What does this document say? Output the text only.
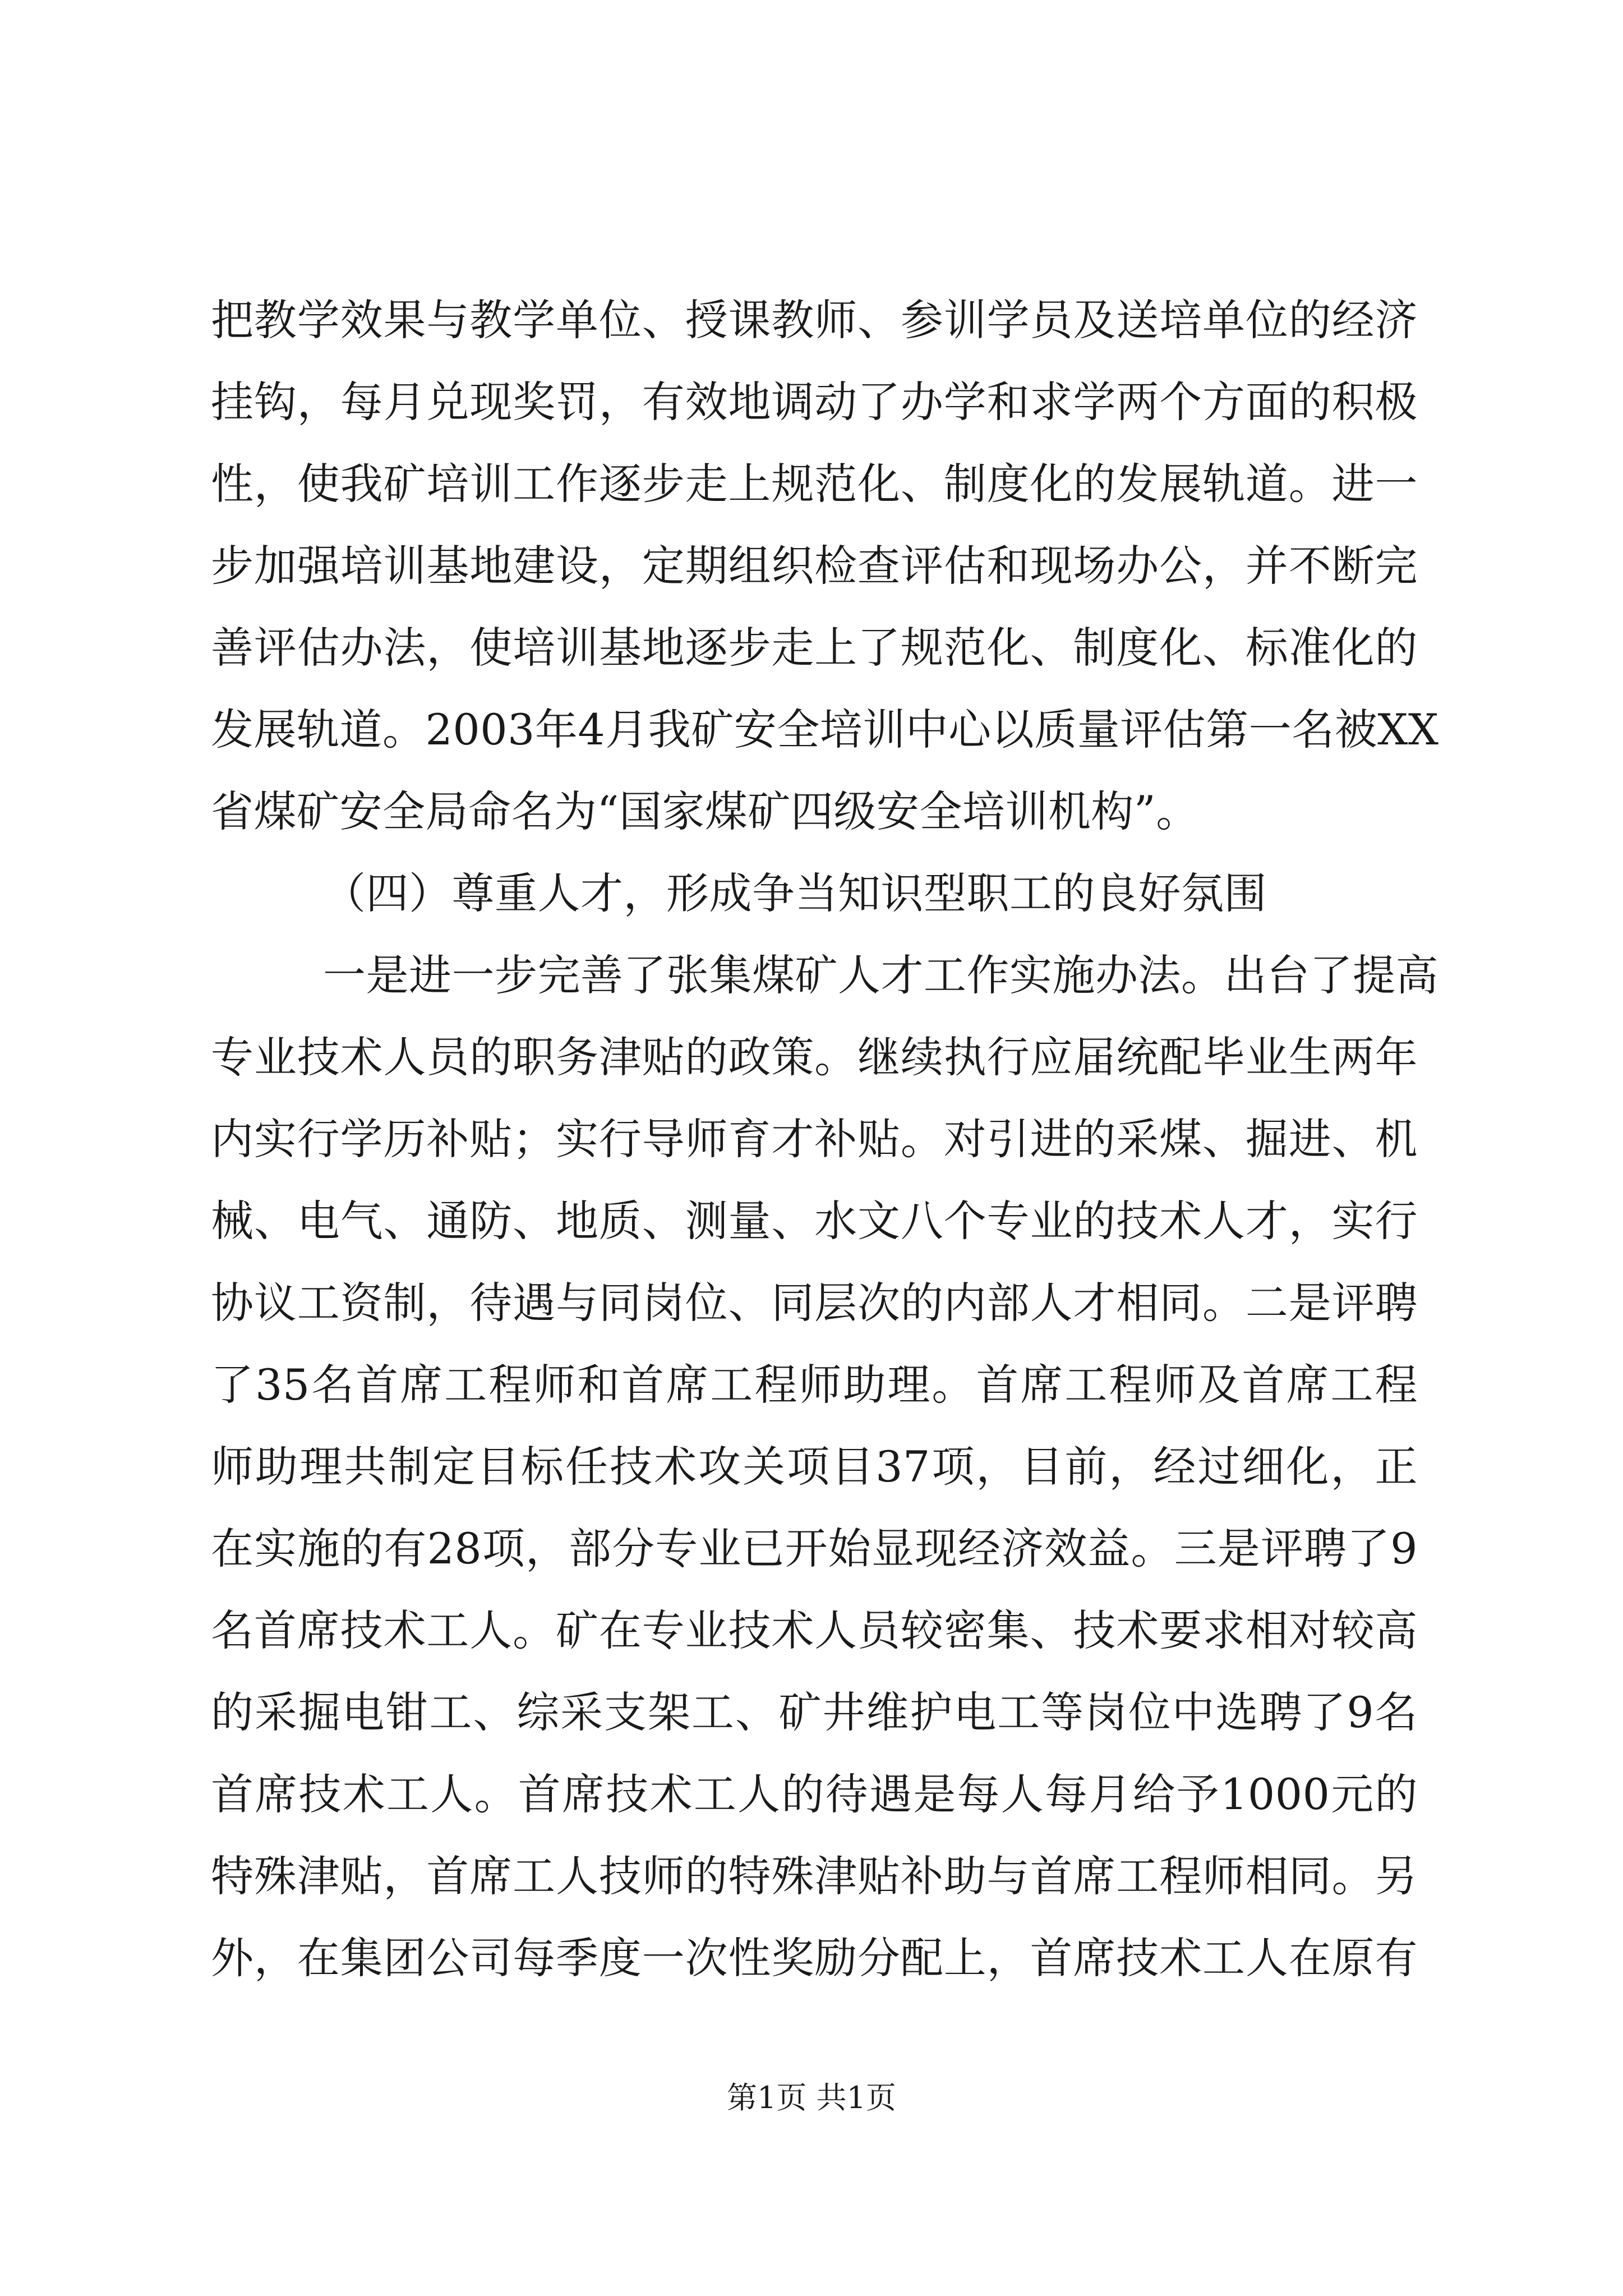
把教学效果与教学单位、授课教师、参训学员及送培单位的经济
挂钩，每月兑现奖罚，有效地调动了办学和求学两个方面的积极
性，使我矿培训工作逐步走上规范化、制度化的发展轨道。进一
步加强培训基地建设，定期组织检查评估和现场办公，并不断完
善评估办法，使培训基地逐步走上了规范化、制度化、标准化的
发展轨道。2003年4月我矿安全培训中心以质量评估第一名被XX
省煤矿安全局命名为“国家煤矿四级安全培训机构”。
（四）尊重人才，形成争当知识型职工的良好氛围
一是进一步完善了张集煤矿人才工作实施办法。出台了提高
专业技术人员的职务津贴的政策。继续执行应届统配毕业生两年
内实行学历补贴；实行导师育才补贴。对引进的采煤、掘进、机
械、电气、通防、地质、测量、水文八个专业的技术人才，实行
协议工资制，待遇与同岗位、同层次的内部人才相同。二是评聘
了35名首席工程师和首席工程师助理。首席工程师及首席工程
师助理共制定目标任技术攻关项目37项，目前，经过细化，正
在实施的有28项，部分专业已开始显现经济效益。三是评聘了9
名首席技术工人。矿在专业技术人员较密集、技术要求相对较高
的采掘电钳工、综采支架工、矿井维护电工等岗位中选聘了9名
首席技术工人。首席技术工人的待遇是每人每月给予1000元的
特殊津贴，首席工人技师的特殊津贴补助与首席工程师相同。另
外，在集团公司每季度一次性奖励分配上，首席技术工人在原有
第1页 共1页
